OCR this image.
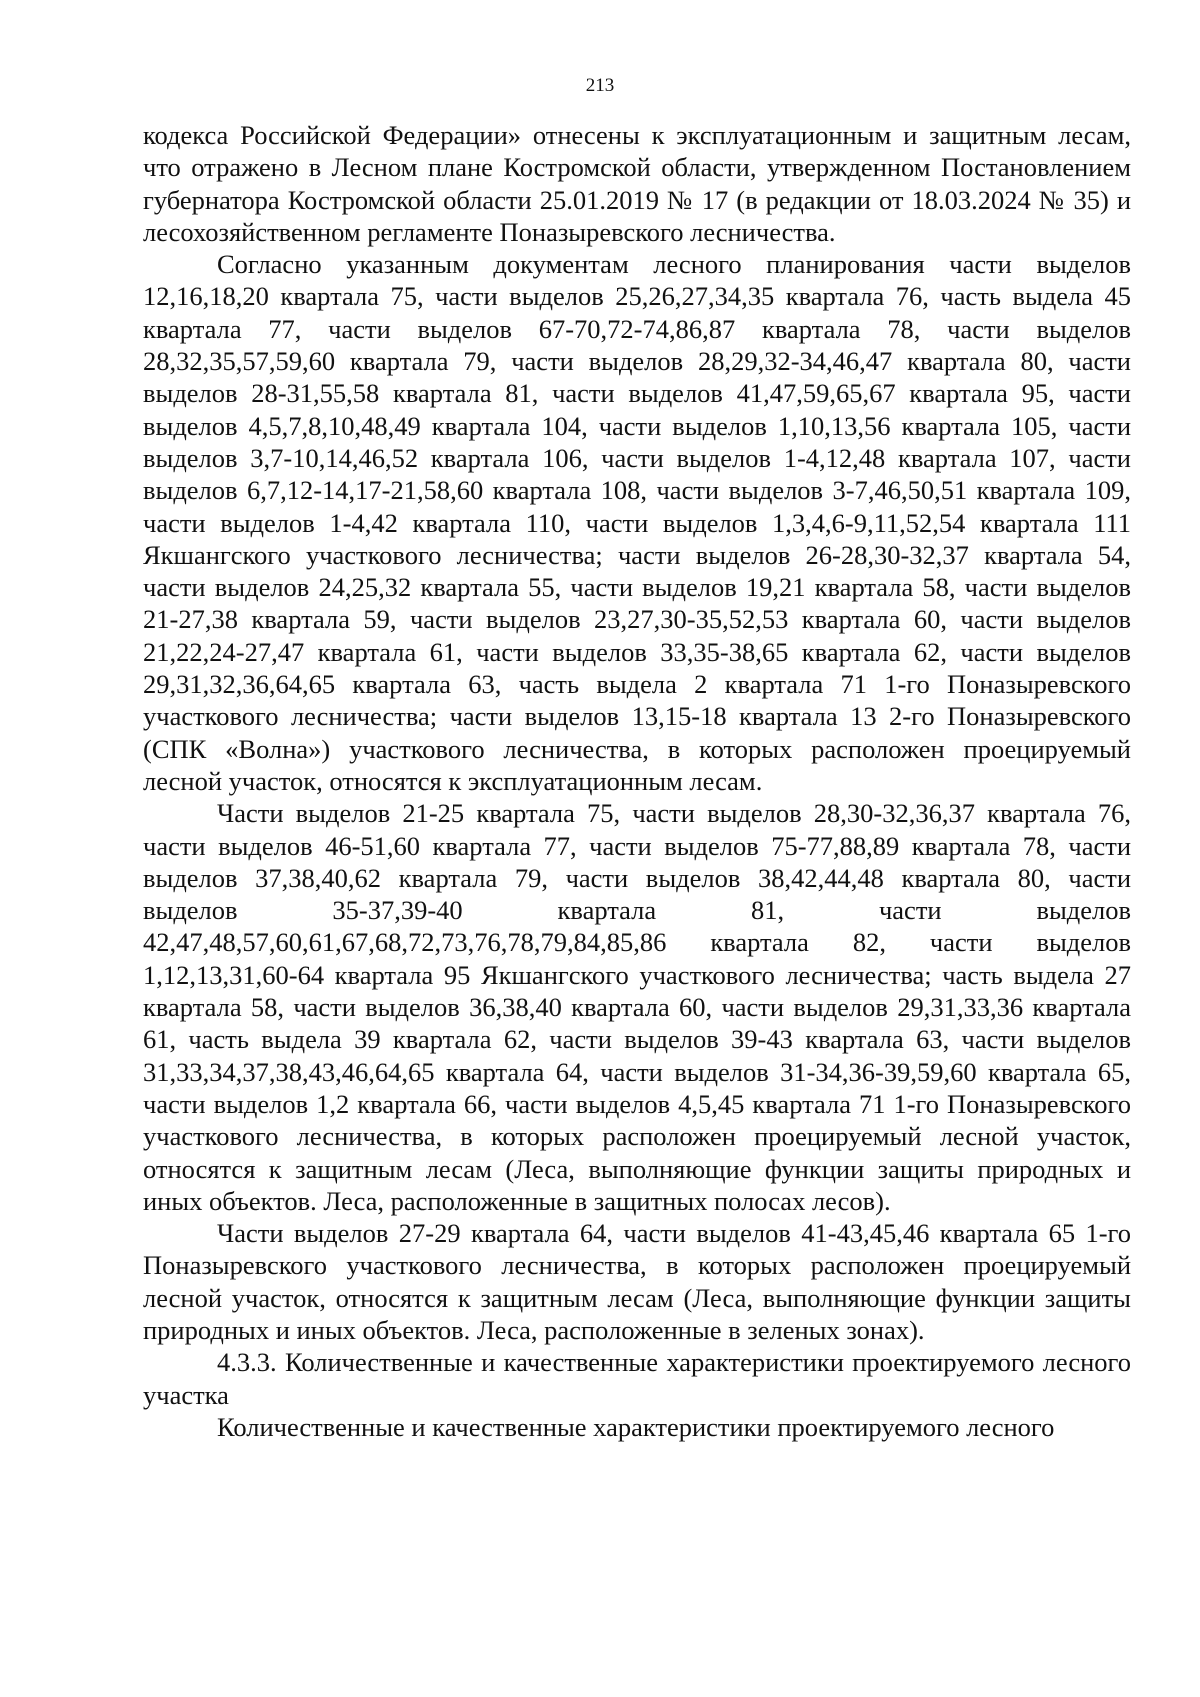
213

кодекса Российской Федерации» отнесены к эксплуатационным и защитным лесам, что отражено в Лесном плане Костромской области, утвержденном Постановлением губернатора Костромской области 25.01.2019 № 17 (в редакции от 18.03.2024 № 35) и лесохозяйственном регламенте Поназыревского лесничества.

Согласно указанным документам лесного планирования части выделов 12,16,18,20 квартала 75, части выделов 25,26,27,34,35 квартала 76, часть выдела 45 квартала 77, части выделов 67-70,72-74,86,87 квартала 78, части выделов 28,32,35,57,59,60 квартала 79, части выделов 28,29,32-34,46,47 квартала 80, части выделов 28-31,55,58 квартала 81, части выделов 41,47,59,65,67 квартала 95, части выделов 4,5,7,8,10,48,49 квартала 104, части выделов 1,10,13,56 квартала 105, части выделов 3,7-10,14,46,52 квартала 106, части выделов 1-4,12,48 квартала 107, части выделов 6,7,12-14,17-21,58,60 квартала 108, части выделов 3-7,46,50,51 квартала 109, части выделов 1-4,42 квартала 110, части выделов 1,3,4,6-9,11,52,54 квартала 111 Якшангского участкового лесничества; части выделов 26-28,30-32,37 квартала 54, части выделов 24,25,32 квартала 55, части выделов 19,21 квартала 58, части выделов 21-27,38 квартала 59, части выделов 23,27,30-35,52,53 квартала 60, части выделов 21,22,24-27,47 квартала 61, части выделов 33,35-38,65 квартала 62, части выделов 29,31,32,36,64,65 квартала 63, часть выдела 2 квартала 71 1-го Поназыревского участкового лесничества; части выделов 13,15-18 квартала 13 2-го Поназыревского (СПК «Волна») участкового лесничества, в которых расположен проецируемый лесной участок, относятся к эксплуатационным лесам.

Части выделов 21-25 квартала 75, части выделов 28,30-32,36,37 квартала 76, части выделов 46-51,60 квартала 77, части выделов 75-77,88,89 квартала 78, части выделов 37,38,40,62 квартала 79, части выделов 38,42,44,48 квартала 80, части выделов 35-37,39-40 квартала 81, части выделов 42,47,48,57,60,61,67,68,72,73,76,78,79,84,85,86 квартала 82, части выделов 1,12,13,31,60-64 квартала 95 Якшангского участкового лесничества; часть выдела 27 квартала 58, части выделов 36,38,40 квартала 60, части выделов 29,31,33,36 квартала 61, часть выдела 39 квартала 62, части выделов 39-43 квартала 63, части выделов 31,33,34,37,38,43,46,64,65 квартала 64, части выделов 31-34,36-39,59,60 квартала 65, части выделов 1,2 квартала 66, части выделов 4,5,45 квартала 71 1-го Поназыревского участкового лесничества, в которых расположен проецируемый лесной участок, относятся к защитным лесам (Леса, выполняющие функции защиты природных и иных объектов. Леса, расположенные в защитных полосах лесов).

Части выделов 27-29 квартала 64, части выделов 41-43,45,46 квартала 65 1-го Поназыревского участкового лесничества, в которых расположен проецируемый лесной участок, относятся к защитным лесам (Леса, выполняющие функции защиты природных и иных объектов. Леса, расположенные в зеленых зонах).

4.3.3. Количественные и качественные характеристики проектируемого лесного участка

Количественные и качественные характеристики проектируемого лесного
